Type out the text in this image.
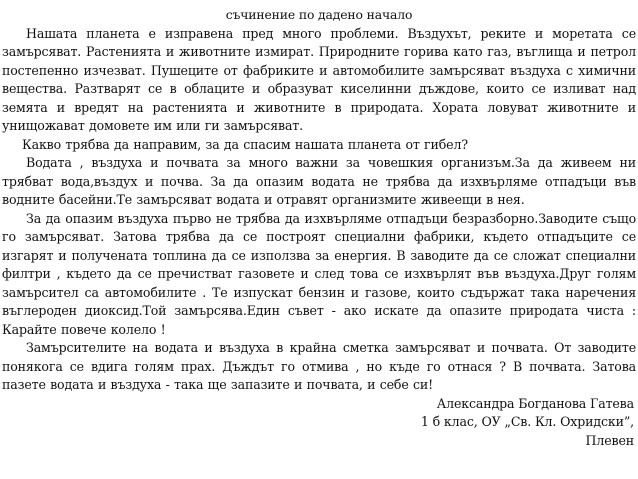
съчинение по дадено начало

Нашата планета е изправена пред много проблеми. Въздухът, реките и моретата се замърсяват. Растенията и животните измират. Природните горива като газ, въглища и петрол постепенно изчезват. Пушеците от фабриките и автомобилите замърсяват въздуха с химични вещества. Разтварят се в облаците и образуват киселинни дъждове, които се изливат над земята и вредят на растенията и животните в природата. Хората ловуват животните и унищожават домовете им или ги замърсяват.

Какво трябва да направим, за да спасим нашата планета от гибел?

Водата , въздуха и почвата за много важни за човешкия организъм.За да живеем ни трябват вода,въздух и почва. За да опазим водата не трябва да изхвърляме отпадъци във водните басейни.Те замърсяват водата и отравят организмите живеещи в нея.

За да опазим въздуха първо не трябва да изхвърляме отпадъци безразборно.Заводите също го замърсяват. Затова трябва да се построят специални фабрики, където отпадъците се изгарят и получената топлина да се използва за енергия. В заводите да се сложат специални филтри , където да се пречистват газовете и след това се изхвърлят във въздуха.Друг голям замърсител са автомобилите . Те изпускат бензин и газове, които съдържат така наречения въглероден диоксид.Той замърсява.Един съвет - ако искате да опазите природата чиста : Карайте повече колело !

Замърсителите на водата и въздуха в крайна сметка замърсяват и почвата. От заводите понякога се вдига голям прах. Дъждът го отмива , но къде го отнася ? В почвата. Затова пазете водата и въздуха - така ще запазите и почвата, и себе си!

Александра Богданова Гатева

1 б клас, ОУ „Св. Кл. Охридски”,

Плевен
